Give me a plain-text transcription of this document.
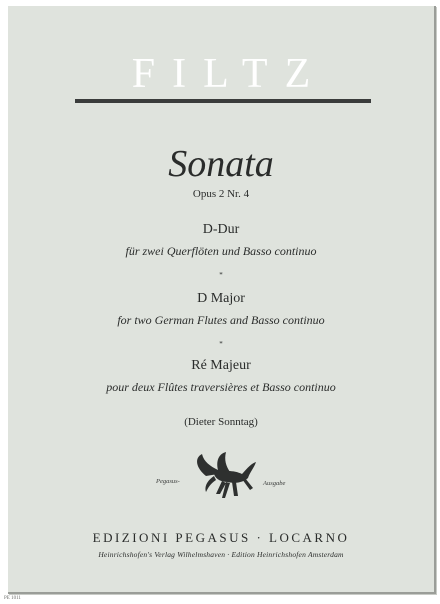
FILTZ
Sonata
Opus 2 Nr. 4
D-Dur
für zwei Querflöten und Basso continuo
*
D Major
for two German Flutes and Basso continuo
*
Ré Majeur
pour deux Flûtes traversières et Basso continuo
(Dieter Sonntag)
Pegasus-	Ausgabe
EDIZIONI PEGASUS · LOCARNO
Heinrichshofen's Verlag Wilhelmshaven · Edition Heinrichshofen Amsterdam
PE 1011
